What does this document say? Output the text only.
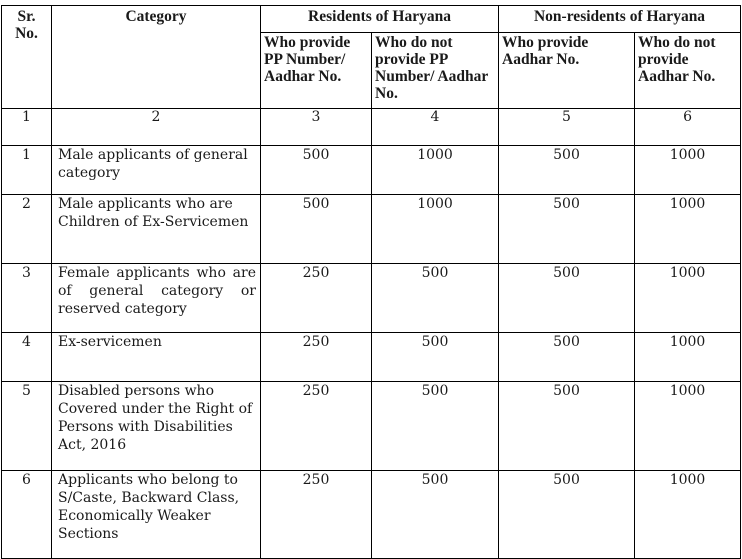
Sr. No.	Category	Residents of Haryana		Non-residents of Haryana	
		Who provide PP Number/ Aadhar No.	Who do not provide PP Number/ Aadhar No.	Who provide Aadhar No.	Who do not provide Aadhar No.
1	2	3	4	5	6
1	Male applicants of general category	500	1000	500	1000
2	Male applicants who are Children of Ex-Servicemen	500	1000	500	1000
3	Female applicants who are of general category or reserved category	250	500	500	1000
4	Ex-servicemen	250	500	500	1000
5	Disabled persons who Covered under the Right of Persons with Disabilities Act, 2016	250	500	500	1000
6	Applicants who belong to S/Caste, Backward Class, Economically Weaker Sections	250	500	500	1000
